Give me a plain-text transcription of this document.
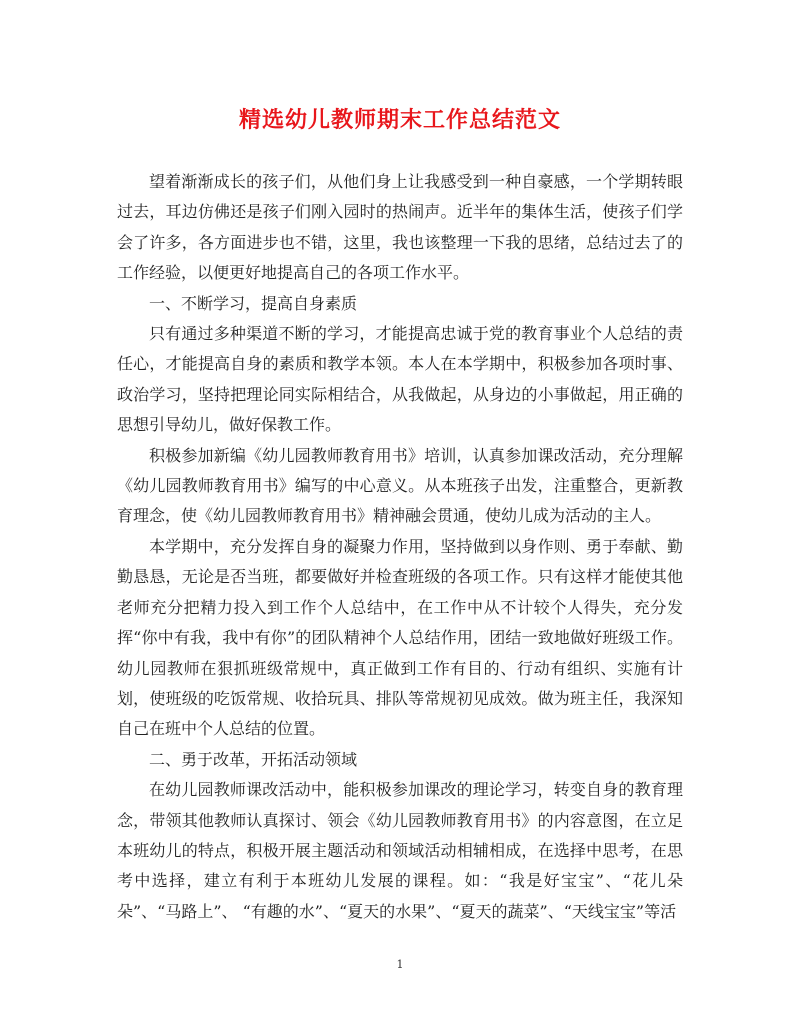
精选幼儿教师期末工作总结范文

望着渐渐成长的孩子们，从他们身上让我感受到一种自豪感，一个学期转眼过去，耳边仿佛还是孩子们刚入园时的热闹声。近半年的集体生活，使孩子们学会了许多，各方面进步也不错，这里，我也该整理一下我的思绪，总结过去了的工作经验，以便更好地提高自己的各项工作水平。

一、不断学习，提高自身素质

只有通过多种渠道不断的学习，才能提高忠诚于党的教育事业个人总结的责任心，才能提高自身的素质和教学本领。本人在本学期中，积极参加各项时事、政治学习，坚持把理论同实际相结合，从我做起，从身边的小事做起，用正确的思想引导幼儿，做好保教工作。

积极参加新编《幼儿园教师教育用书》培训，认真参加课改活动，充分理解《幼儿园教师教育用书》编写的中心意义。从本班孩子出发，注重整合，更新教育理念，使《幼儿园教师教育用书》精神融会贯通，使幼儿成为活动的主人。

本学期中，充分发挥自身的凝聚力作用，坚持做到以身作则、勇于奉献、勤勤恳恳，无论是否当班，都要做好并检查班级的各项工作。只有这样才能使其他老师充分把精力投入到工作个人总结中，在工作中从不计较个人得失，充分发挥“你中有我，我中有你”的团队精神个人总结作用，团结一致地做好班级工作。幼儿园教师在狠抓班级常规中，真正做到工作有目的、行动有组织、实施有计划，使班级的吃饭常规、收拾玩具、排队等常规初见成效。做为班主任，我深知自己在班中个人总结的位置。

二、勇于改革，开拓活动领域

在幼儿园教师课改活动中，能积极参加课改的理论学习，转变自身的教育理念，带领其他教师认真探讨、领会《幼儿园教师教育用书》的内容意图，在立足本班幼儿的特点，积极开展主题活动和领域活动相辅相成，在选择中思考，在思考中选择，建立有利于本班幼儿发展的课程。如：“我是好宝宝”、“花儿朵朵”、“马路上”、 “有趣的水”、“夏天的水果”、“夏天的蔬菜”、“天线宝宝”等活

1
